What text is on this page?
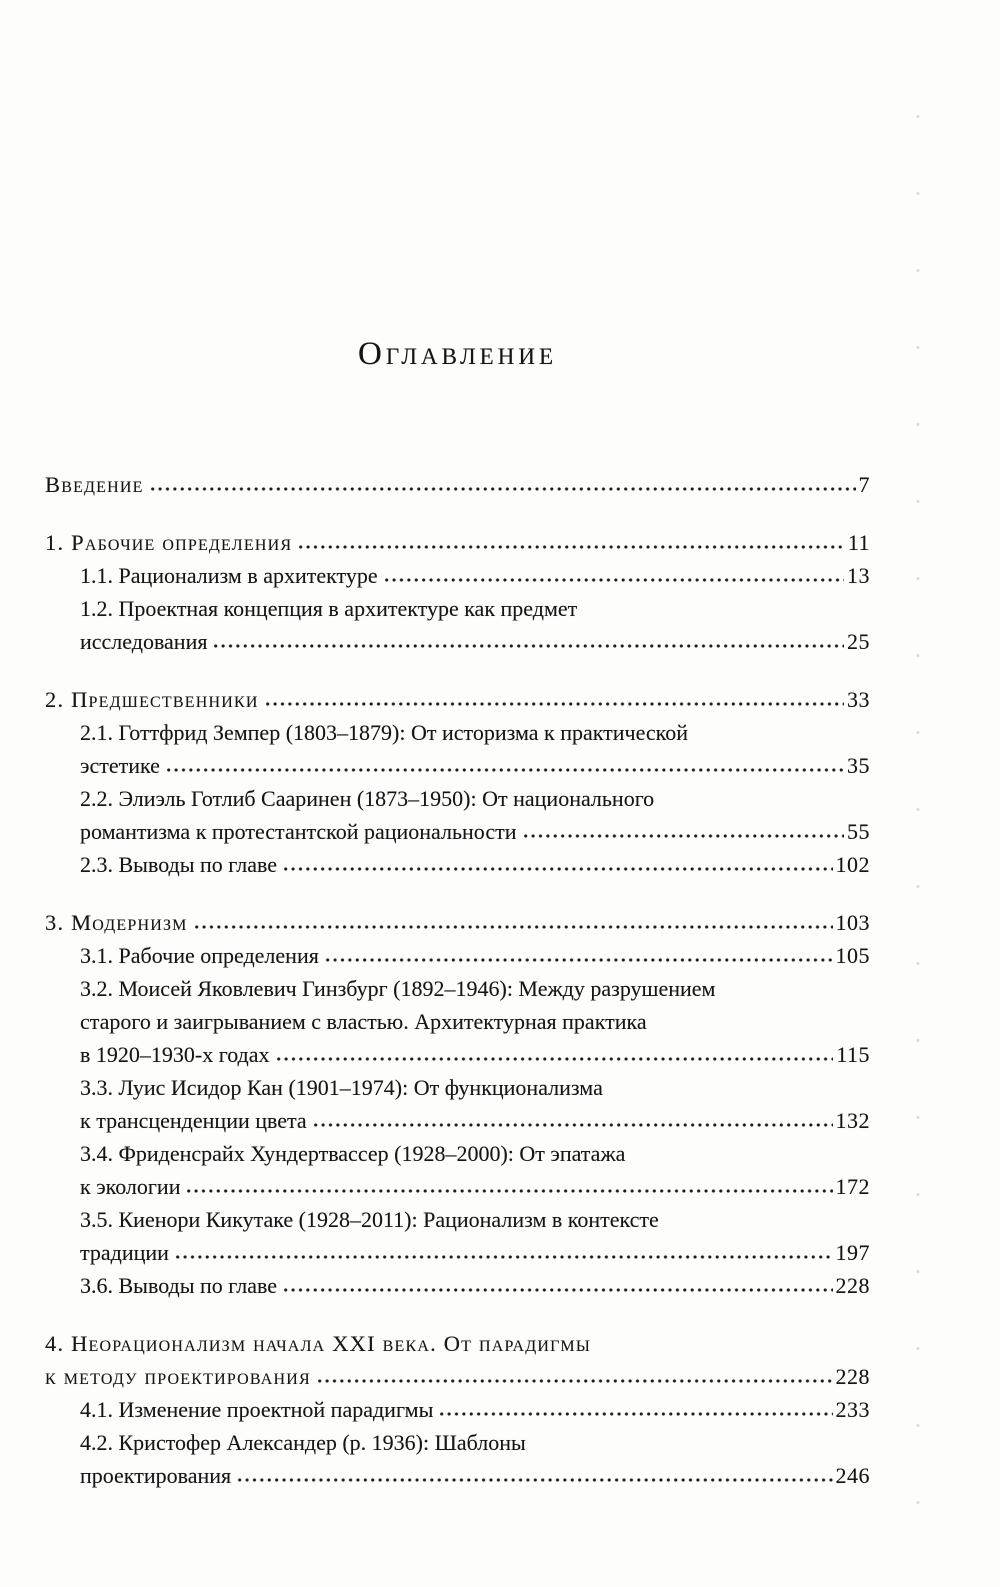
Оглавление
Введение	7
1. Рабочие определения	11
1.1. Рационализм в архитектуре	13
1.2. Проектная концепция в архитектуре как предмет
исследования	25
2. Предшественники	33
2.1. Готтфрид Земпер (1803–1879): От историзма к практической
эстетике	35
2.2. Элиэль Готлиб Сааринен (1873–1950): От национального
романтизма к протестантской рациональности	55
2.3. Выводы по главе	102
3. Модернизм	103
3.1. Рабочие определения	105
3.2. Моисей Яковлевич Гинзбург (1892–1946): Между разрушением
старого и заигрыванием с властью. Архитектурная практика
в 1920–1930-х годах	115
3.3. Луис Исидор Кан (1901–1974): От функционализма
к трансценденции цвета	132
3.4. Фриденсрайх Хундертвассер (1928–2000): От эпатажа
к экологии	172
3.5. Киенори Кикутаке (1928–2011): Рационализм в контексте
традиции	197
3.6. Выводы по главе	228
4. Неорационализм начала XXI века. От парадигмы
к методу проектирования	228
4.1. Изменение проектной парадигмы	233
4.2. Кристофер Александер (р. 1936): Шаблоны
проектирования	246
